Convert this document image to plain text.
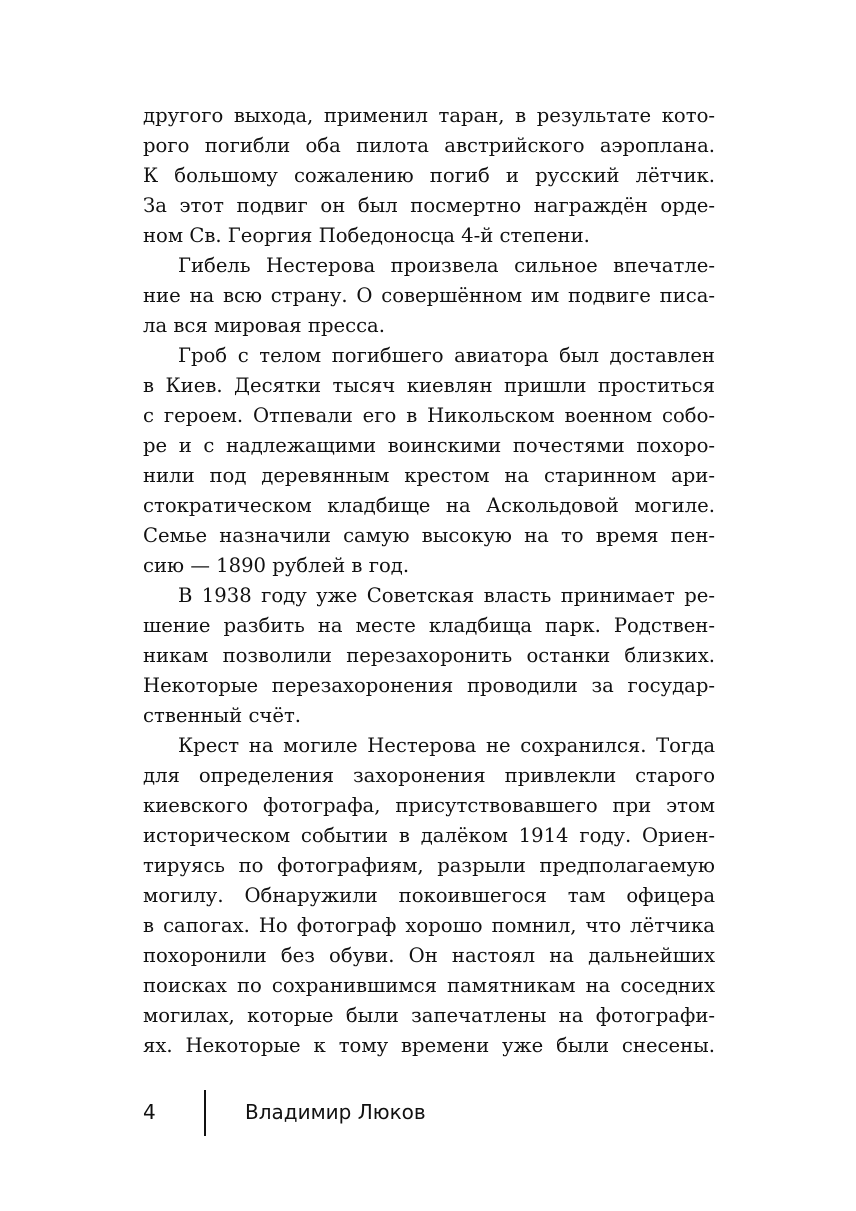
другого выхода, применил таран, в результате кото-
рого погибли оба пилота австрийского аэроплана.
К большому сожалению погиб и русский лётчик.
За этот подвиг он был посмертно награждён орде-
ном Св. Георгия Победоносца 4-й степени.
Гибель Нестерова произвела сильное впечатле-
ние на всю страну. О совершённом им подвиге писа-
ла вся мировая пресса.
Гроб с телом погибшего авиатора был доставлен
в Киев. Десятки тысяч киевлян пришли проститься
с героем. Отпевали его в Никольском военном собо-
ре и с надлежащими воинскими почестями похоро-
нили под деревянным крестом на старинном ари-
стократическом кладбище на Аскольдовой могиле.
Семье назначили самую высокую на то время пен-
сию — 1890 рублей в год.
В 1938 году уже Советская власть принимает ре-
шение разбить на месте кладбища парк. Родствен-
никам позволили перезахоронить останки близких.
Некоторые перезахоронения проводили за государ-
ственный счёт.
Крест на могиле Нестерова не сохранился. Тогда
для определения захоронения привлекли старого
киевского фотографа, присутствовавшего при этом
историческом событии в далёком 1914 году. Ориен-
тируясь по фотографиям, разрыли предполагаемую
могилу. Обнаружили покоившегося там офицера
в сапогах. Но фотограф хорошо помнил, что лётчика
похоронили без обуви. Он настоял на дальнейших
поисках по сохранившимся памятникам на соседних
могилах, которые были запечатлены на фотографи-
ях. Некоторые к тому времени уже были снесены.
4	Владимир Люков
